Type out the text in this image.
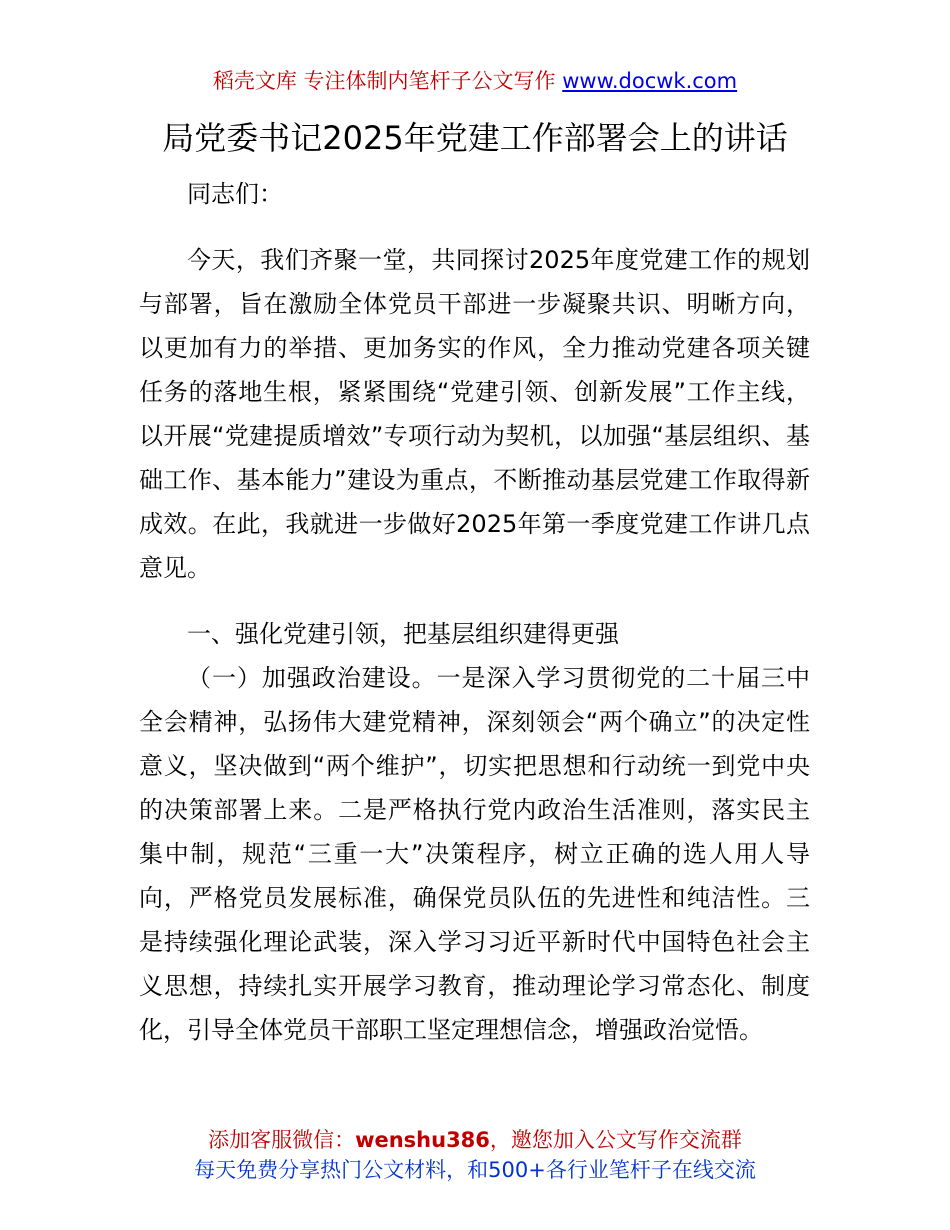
稻壳文库 专注体制内笔杆子公文写作 www.docwk.com
局党委书记2025年党建工作部署会上的讲话

同志们：

今天，我们齐聚一堂，共同探讨2025年度党建工作的规划与部署，旨在激励全体党员干部进一步凝聚共识、明晰方向，以更加有力的举措、更加务实的作风，全力推动党建各项关键任务的落地生根，紧紧围绕“党建引领、创新发展”工作主线，以开展“党建提质增效”专项行动为契机，以加强“基层组织、基础工作、基本能力”建设为重点，不断推动基层党建工作取得新成效。在此，我就进一步做好2025年第一季度党建工作讲几点意见。

一、强化党建引领，把基层组织建得更强

（一）加强政治建设。一是深入学习贯彻党的二十届三中全会精神，弘扬伟大建党精神，深刻领会“两个确立”的决定性意义，坚决做到“两个维护”，切实把思想和行动统一到党中央的决策部署上来。二是严格执行党内政治生活准则，落实民主集中制，规范“三重一大”决策程序，树立正确的选人用人导向，严格党员发展标准，确保党员队伍的先进性和纯洁性。三是持续强化理论武装，深入学习习近平新时代中国特色社会主义思想，持续扎实开展学习教育，推动理论学习常态化、制度化，引导全体党员干部职工坚定理想信念，增强政治觉悟。

添加客服微信：wenshu386，邀您加入公文写作交流群
每天免费分享热门公文材料，和500+各行业笔杆子在线交流
